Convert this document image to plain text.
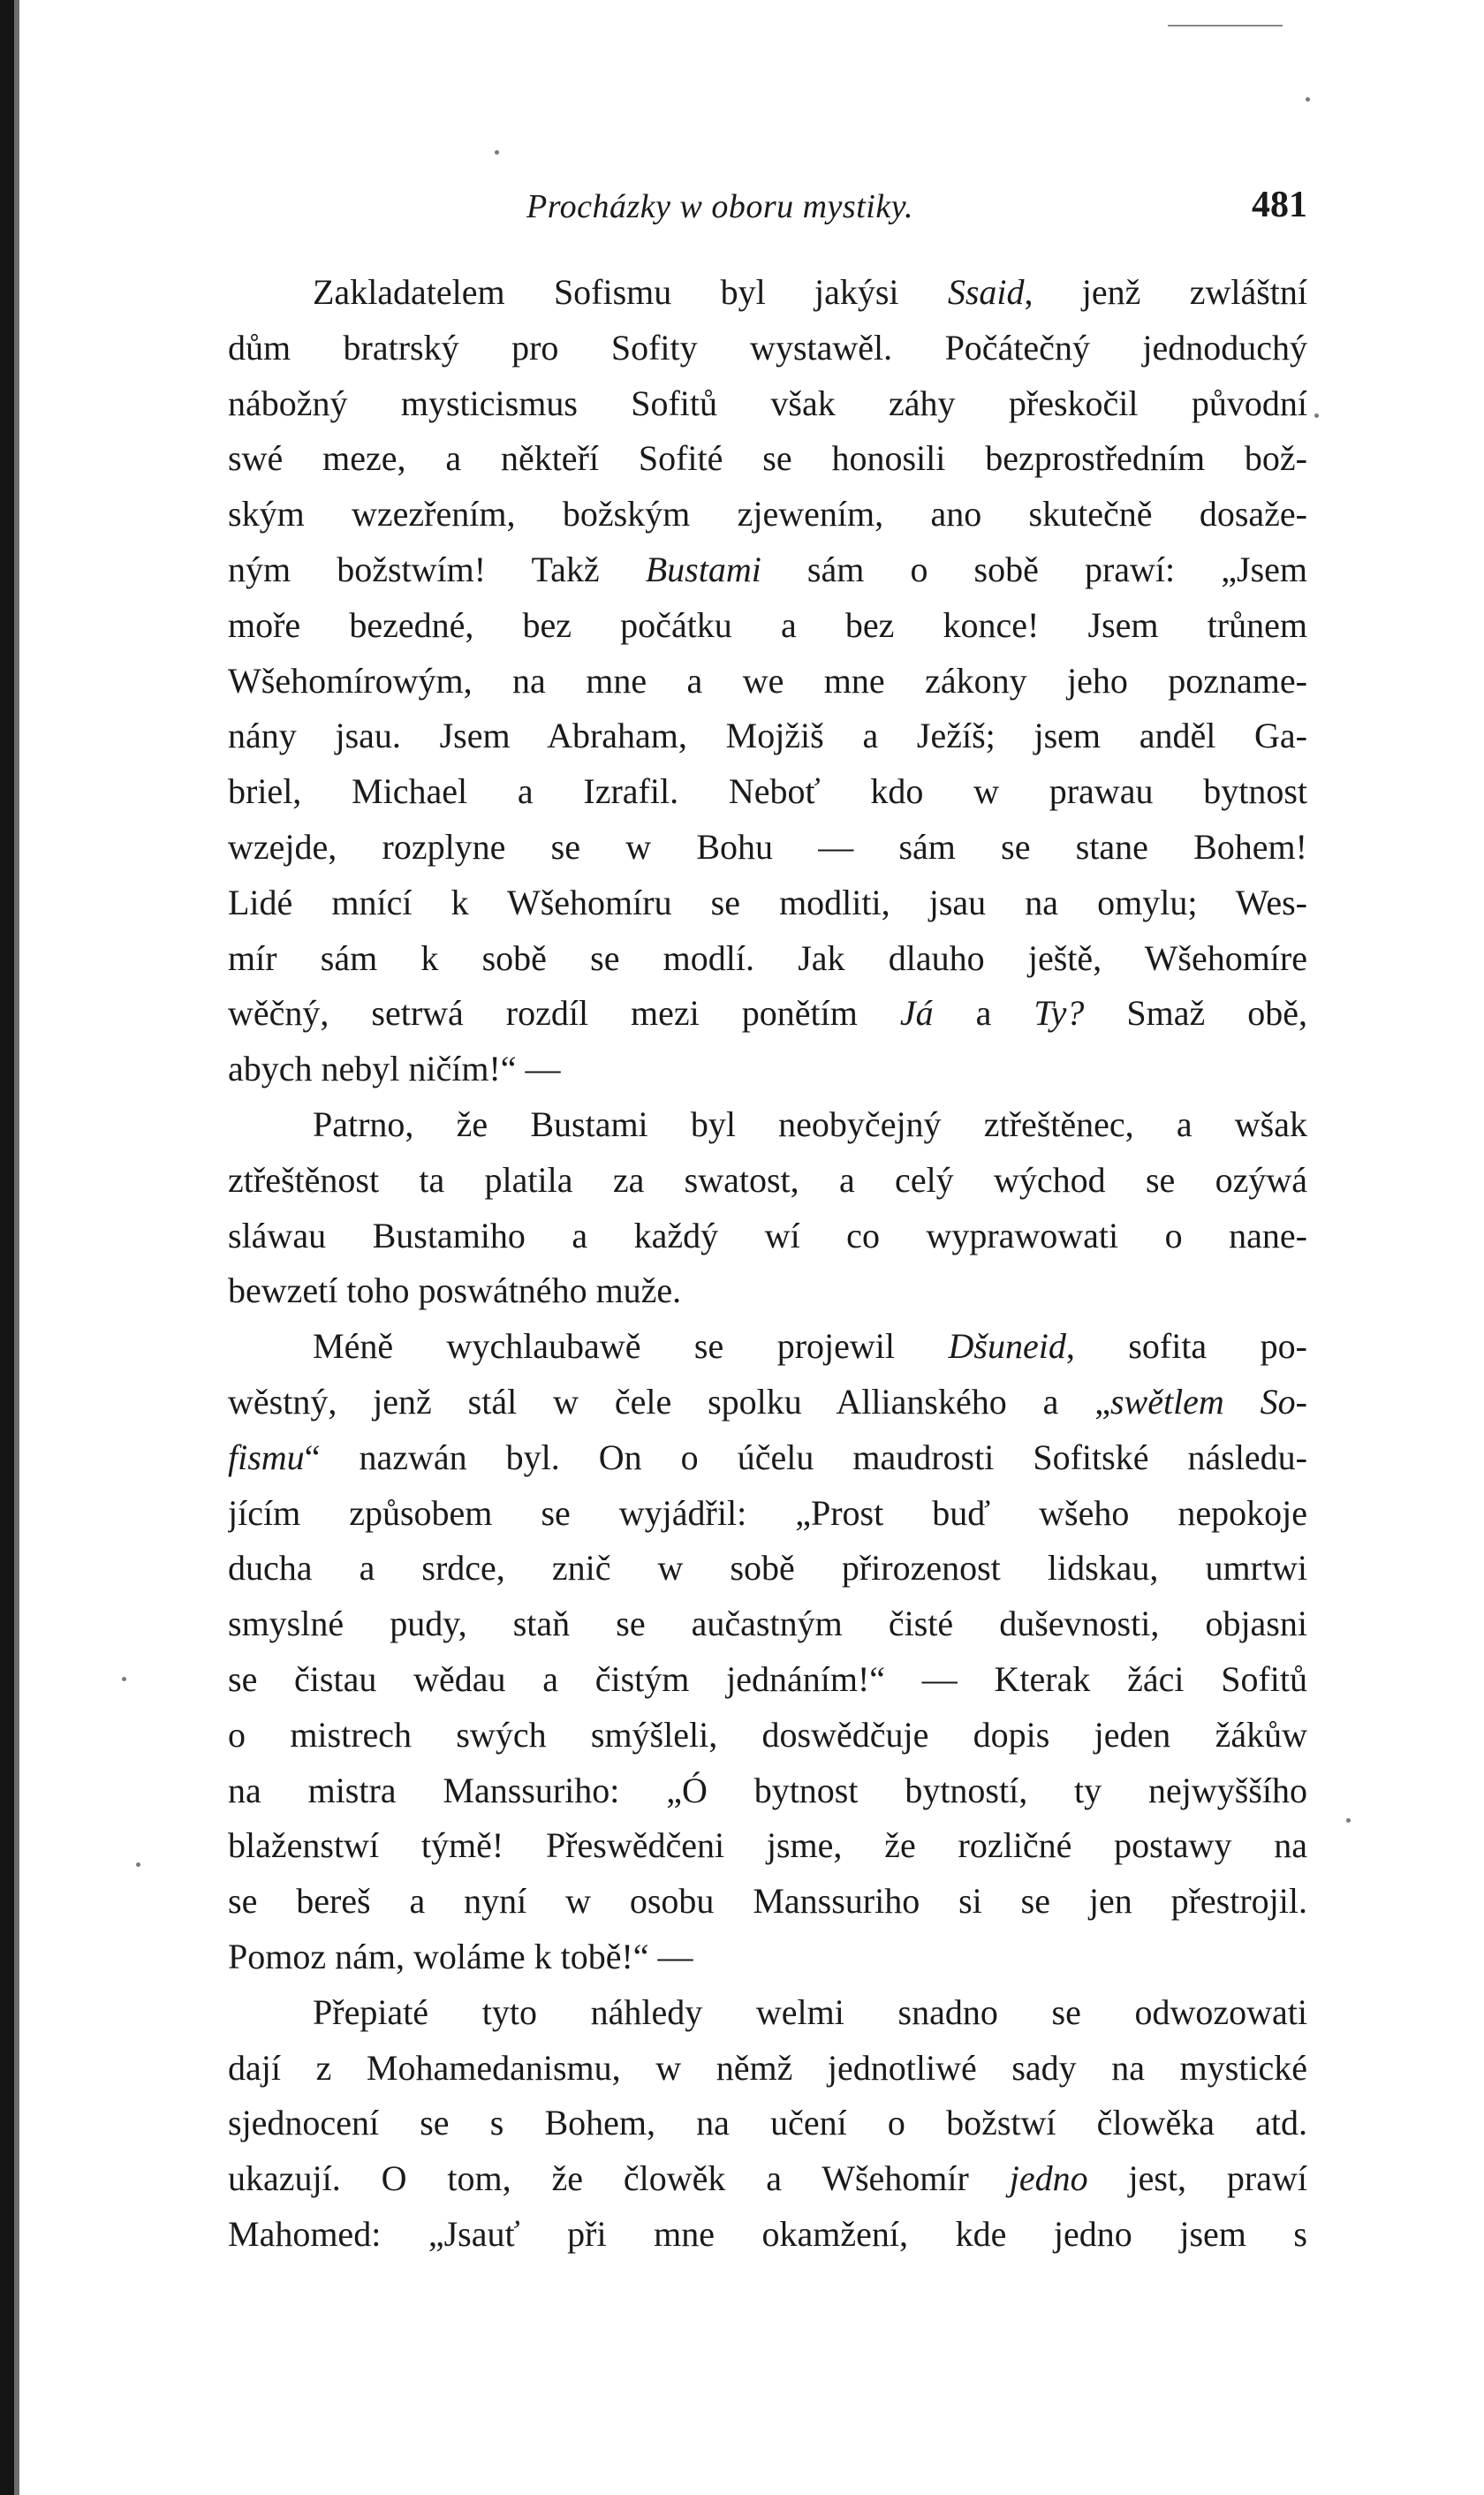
Procházky w oboru mystiky.	481
Zakladatelem Sofismu byl jakýsi Ssaid, jenž zwláštní
dům bratrský pro Sofity wystawěl. Počátečný jednoduchý
nábožný mysticismus Sofitů však záhy přeskočil původní
swé meze, a někteří Sofité se honosili bezprostředním bož-
ským wzezřením, božským zjewením, ano skutečně dosaže-
ným božstwím! Takž Bustami sám o sobě prawí: „Jsem
moře bezedné, bez počátku a bez konce! Jsem trůnem
Wšehomírowým, na mne a we mne zákony jeho poznamе-
nány jsau. Jsem Abraham, Mojžiš a Ježíš; jsem anděl Ga-
briel, Michael a Izrafil. Neboť kdo w prawau bytnost
wzejde, rozplyne se w Bohu — sám se stane Bohem!
Lidé mnící k Wšehomíru se modliti, jsau na omylu; Wes-
mír sám k sobě se modlí. Jak dlauho ještě, Wšehomíre
wěčný, setrwá rozdíl mezi ponětím Já a Ty? Smaž obě,
abych nebyl ničím!“ —
Patrno, že Bustami byl neobyčejný ztřeštěnec, a wšak
ztřeštěnost ta platila za swatost, a celý wýchod se ozýwá
sláwau Bustamiho a každý wí co wyprawowati o nane-
bewzetí toho poswátného muže.
Méně wychlaubawě se projewil Dšuneid, sofita po-
wěstný, jenž stál w čele spolku Allianského a „swětlem So-
fismu“ nazwán byl. On o účelu maudrosti Sofitské následu-
jícím způsobem se wyjádřil: „Prost buď wšeho nepokoje
ducha a srdce, znič w sobě přirozenost lidskau, umrtwi
smyslné pudy, staň se aučastným čisté duševnosti, objasni
se čistau wědau a čistým jednáním!“ — Kterak žáci Sofitů
o mistrech swých smýšleli, doswědčuje dopis jeden žákůw
na mistra Manssuriho: „Ó bytnost bytností, ty nejwyššího
blaženstwí týmě! Přeswědčeni jsme, že rozličné postawy na
se bereš a nyní w osobu Manssuriho si se jen přestrojil.
Pomoz nám, woláme k tobě!“ —
Přepiaté tyto náhledy welmi snadno se odwozowati
dají z Mohamedanismu, w němž jednotliwé sady na mystické
sjednocení se s Bohem, na učení o božstwí člowěka atd.
ukazují. O tom, že člowěk a Wšehomír jedno jest, prawí
Mahomed: „Jsauť při mne okamžení, kde jedno jsem s
